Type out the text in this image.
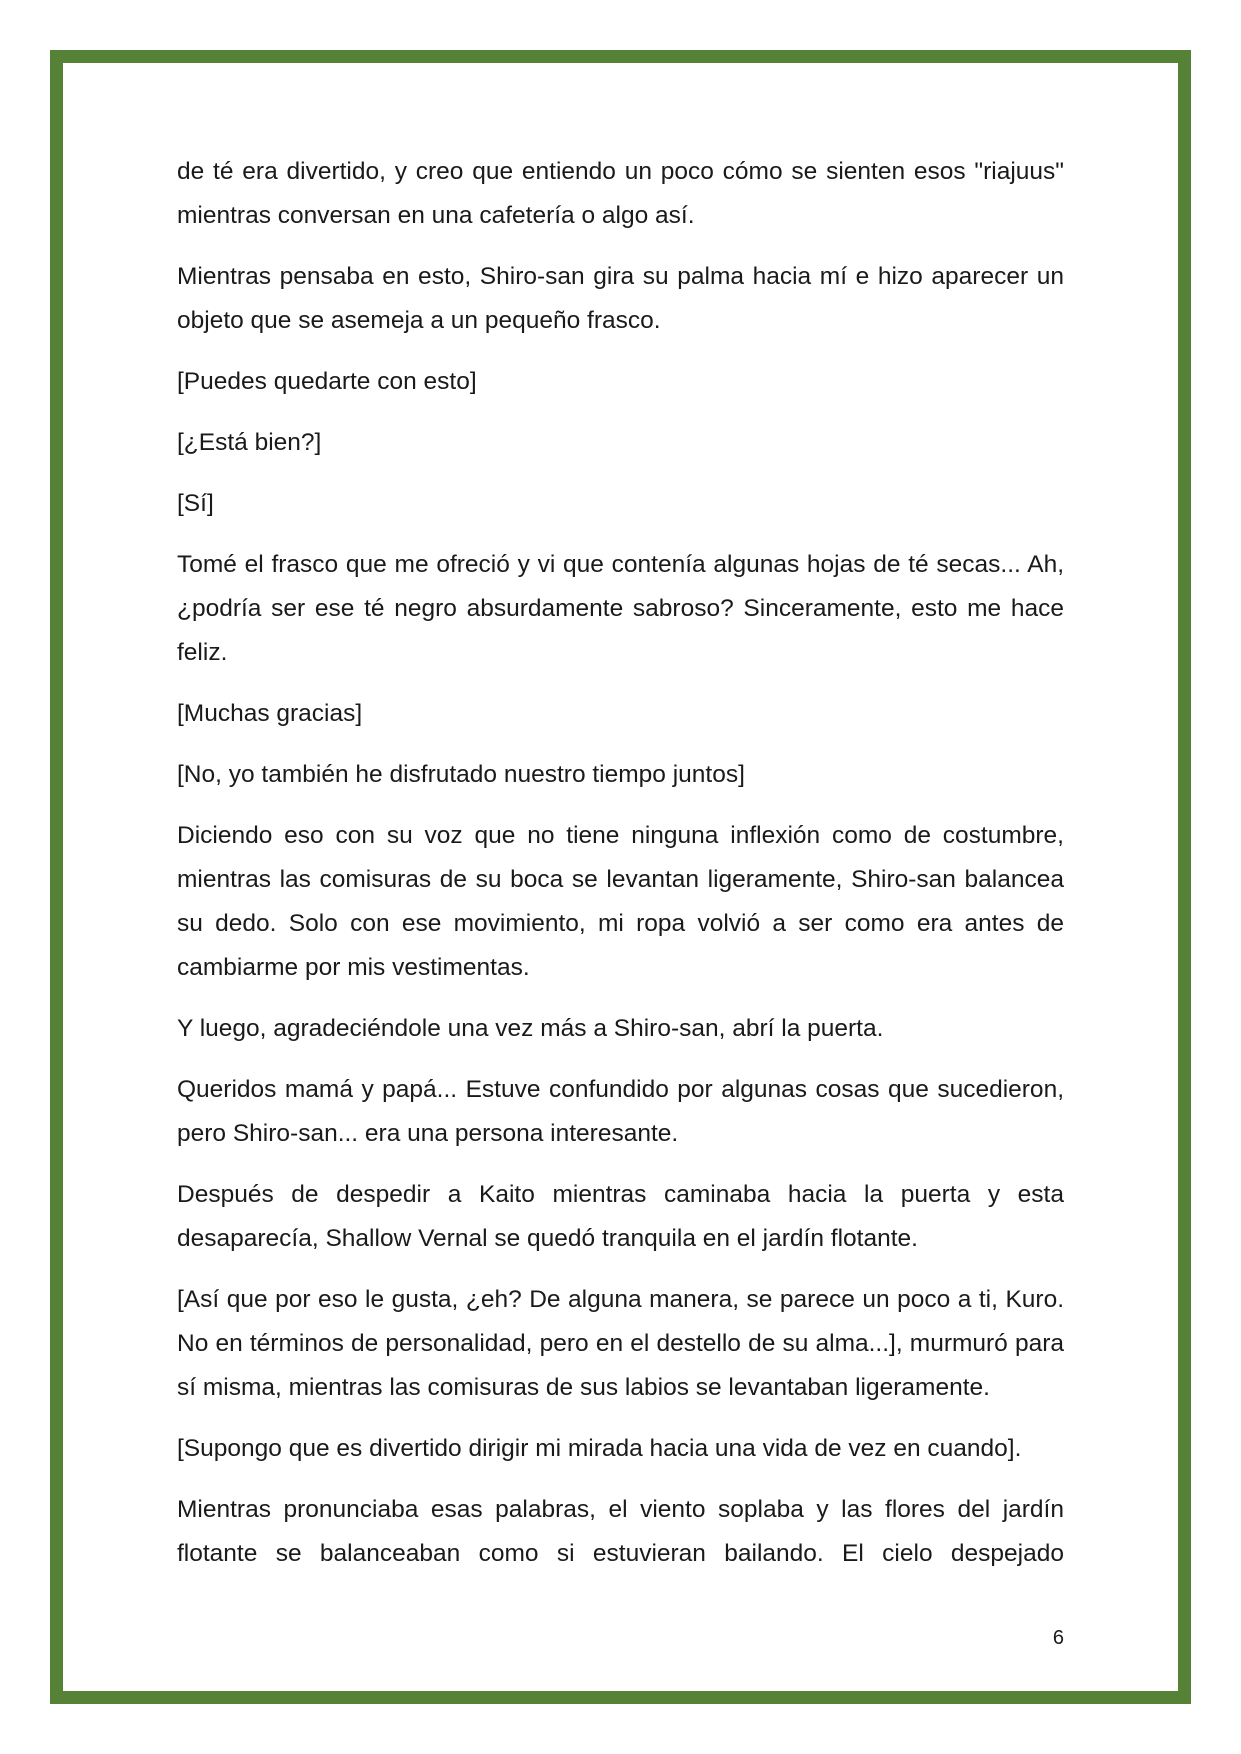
de té era divertido, y creo que entiendo un poco cómo se sienten esos "riajuus" mientras conversan en una cafetería o algo así.

Mientras pensaba en esto, Shiro-san gira su palma hacia mí e hizo aparecer un objeto que se asemeja a un pequeño frasco.

[Puedes quedarte con esto]

[¿Está bien?]

[Sí]

Tomé el frasco que me ofreció y vi que contenía algunas hojas de té secas... Ah, ¿podría ser ese té negro absurdamente sabroso? Sinceramente, esto me hace feliz.

[Muchas gracias]

[No, yo también he disfrutado nuestro tiempo juntos]

Diciendo eso con su voz que no tiene ninguna inflexión como de costumbre, mientras las comisuras de su boca se levantan ligeramente, Shiro-san balancea su dedo. Solo con ese movimiento, mi ropa volvió a ser como era antes de cambiarme por mis vestimentas.

Y luego, agradeciéndole una vez más a Shiro-san, abrí la puerta.

Queridos mamá y papá... Estuve confundido por algunas cosas que sucedieron, pero Shiro-san... era una persona interesante.

Después de despedir a Kaito mientras caminaba hacia la puerta y esta desaparecía, Shallow Vernal se quedó tranquila en el jardín flotante.

[Así que por eso le gusta, ¿eh? De alguna manera, se parece un poco a ti, Kuro. No en términos de personalidad, pero en el destello de su alma...], murmuró para sí misma, mientras las comisuras de sus labios se levantaban ligeramente.

[Supongo que es divertido dirigir mi mirada hacia una vida de vez en cuando].

Mientras pronunciaba esas palabras, el viento soplaba y las flores del jardín flotante se balanceaban como si estuvieran bailando. El cielo despejado

6
